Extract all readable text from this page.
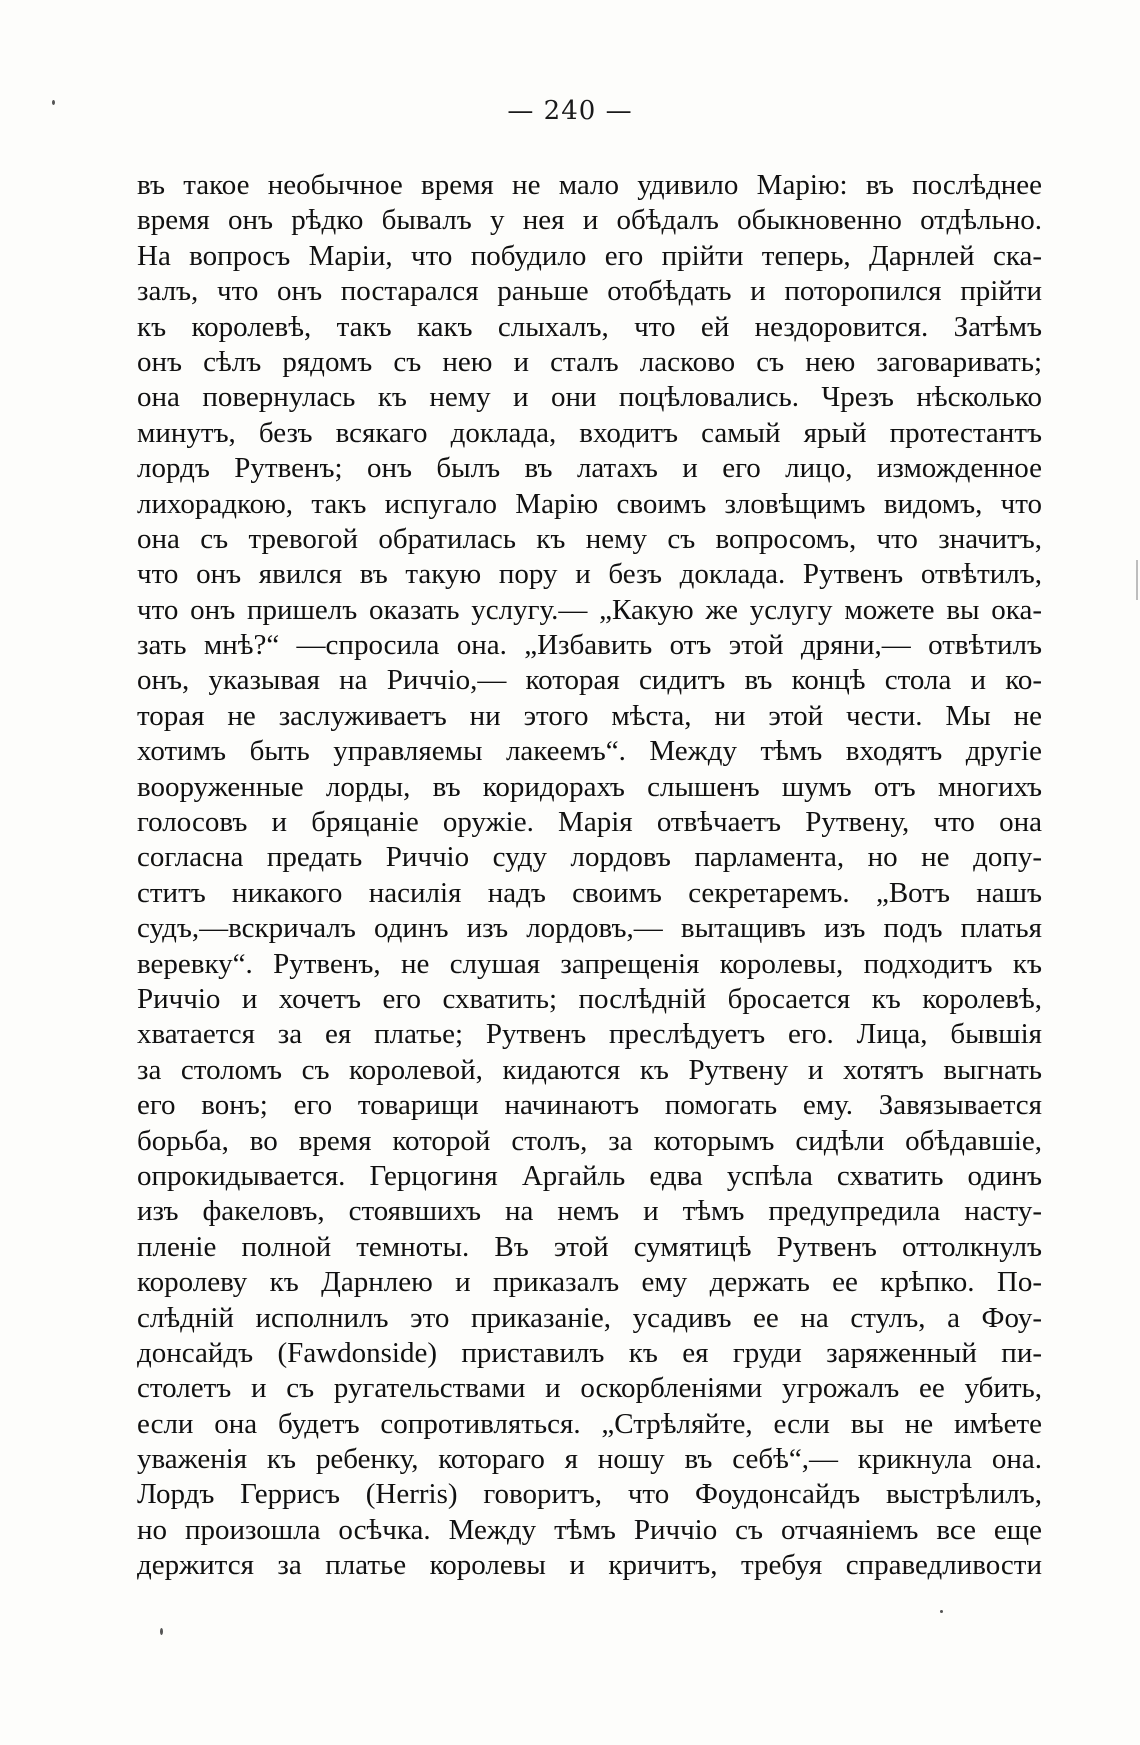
— 240 —
въ такое необычное время не мало удивило Марію: въ послѣднее
время онъ рѣдко бывалъ у нея и обѣдалъ обыкновенно отдѣльно.
На вопросъ Маріи, что побудило его прійти теперь, Дарнлей ска-
залъ, что онъ постарался раньше отобѣдать и поторопился прійти
къ королевѣ, такъ какъ слыхалъ, что ей нездоровится. Затѣмъ
онъ сѣлъ рядомъ съ нею и сталъ ласково съ нею заговаривать;
она повернулась къ нему и они поцѣловались. Чрезъ нѣсколько
минутъ, безъ всякаго доклада, входитъ самый ярый протестантъ
лордъ Рутвенъ; онъ былъ въ латахъ и его лицо, изможденное
лихорадкою, такъ испугало Марію своимъ зловѣщимъ видомъ, что
она съ тревогой обратилась къ нему съ вопросомъ, что значитъ,
что онъ явился въ такую пору и безъ доклада. Рутвенъ отвѣтилъ,
что онъ пришелъ оказать услугу.— „Какую же услугу можете вы ока-
зать мнѣ?“ —спросила она. „Избавить отъ этой дряни,— отвѣтилъ
онъ, указывая на Риччіо,— которая сидитъ въ концѣ стола и ко-
торая не заслуживаетъ ни этого мѣста, ни этой чести. Мы не
хотимъ быть управляемы лакеемъ“. Между тѣмъ входятъ другіе
вооруженные лорды, въ коридорахъ слышенъ шумъ отъ многихъ
голосовъ и бряцаніе оружіе. Марія отвѣчаетъ Рутвену, что она
согласна предать Риччіо суду лордовъ парламента, но не допу-
ститъ никакого насилія надъ своимъ секретаремъ. „Вотъ нашъ
судъ,—вскричалъ одинъ изъ лордовъ,— вытащивъ изъ подъ платья
веревку“. Рутвенъ, не слушая запрещенія королевы, подходитъ къ
Риччіо и хочетъ его схватить; послѣдній бросается къ королевѣ,
хватается за ея платье; Рутвенъ преслѣдуетъ его. Лица, бывшія
за столомъ съ королевой, кидаются къ Рутвену и хотятъ выгнать
его вонъ; его товарищи начинаютъ помогать ему. Завязывается
борьба, во время которой столъ, за которымъ сидѣли обѣдавшіе,
опрокидывается. Герцогиня Аргайль едва успѣла схватить одинъ
изъ факеловъ, стоявшихъ на немъ и тѣмъ предупредила насту-
пленіе полной темноты. Въ этой сумятицѣ Рутвенъ оттолкнулъ
королеву къ Дарнлею и приказалъ ему держать ее крѣпко. По-
слѣдній исполнилъ это приказаніе, усадивъ ее на стулъ, а Фоу-
донсайдъ (Fawdonside) приставилъ къ ея груди заряженный пи-
столетъ и съ ругательствами и оскорбленіями угрожалъ ее убить,
если она будетъ сопротивляться. „Стрѣляйте, если вы не имѣете
уваженія къ ребенку, котораго я ношу въ себѣ“,— крикнула она.
Лордъ Геррисъ (Herris) говоритъ, что Фоудонсайдъ выстрѣлилъ,
но произошла осѣчка. Между тѣмъ Риччіо съ отчаяніемъ все еще
держится за платье королевы и кричитъ, требуя справедливости
